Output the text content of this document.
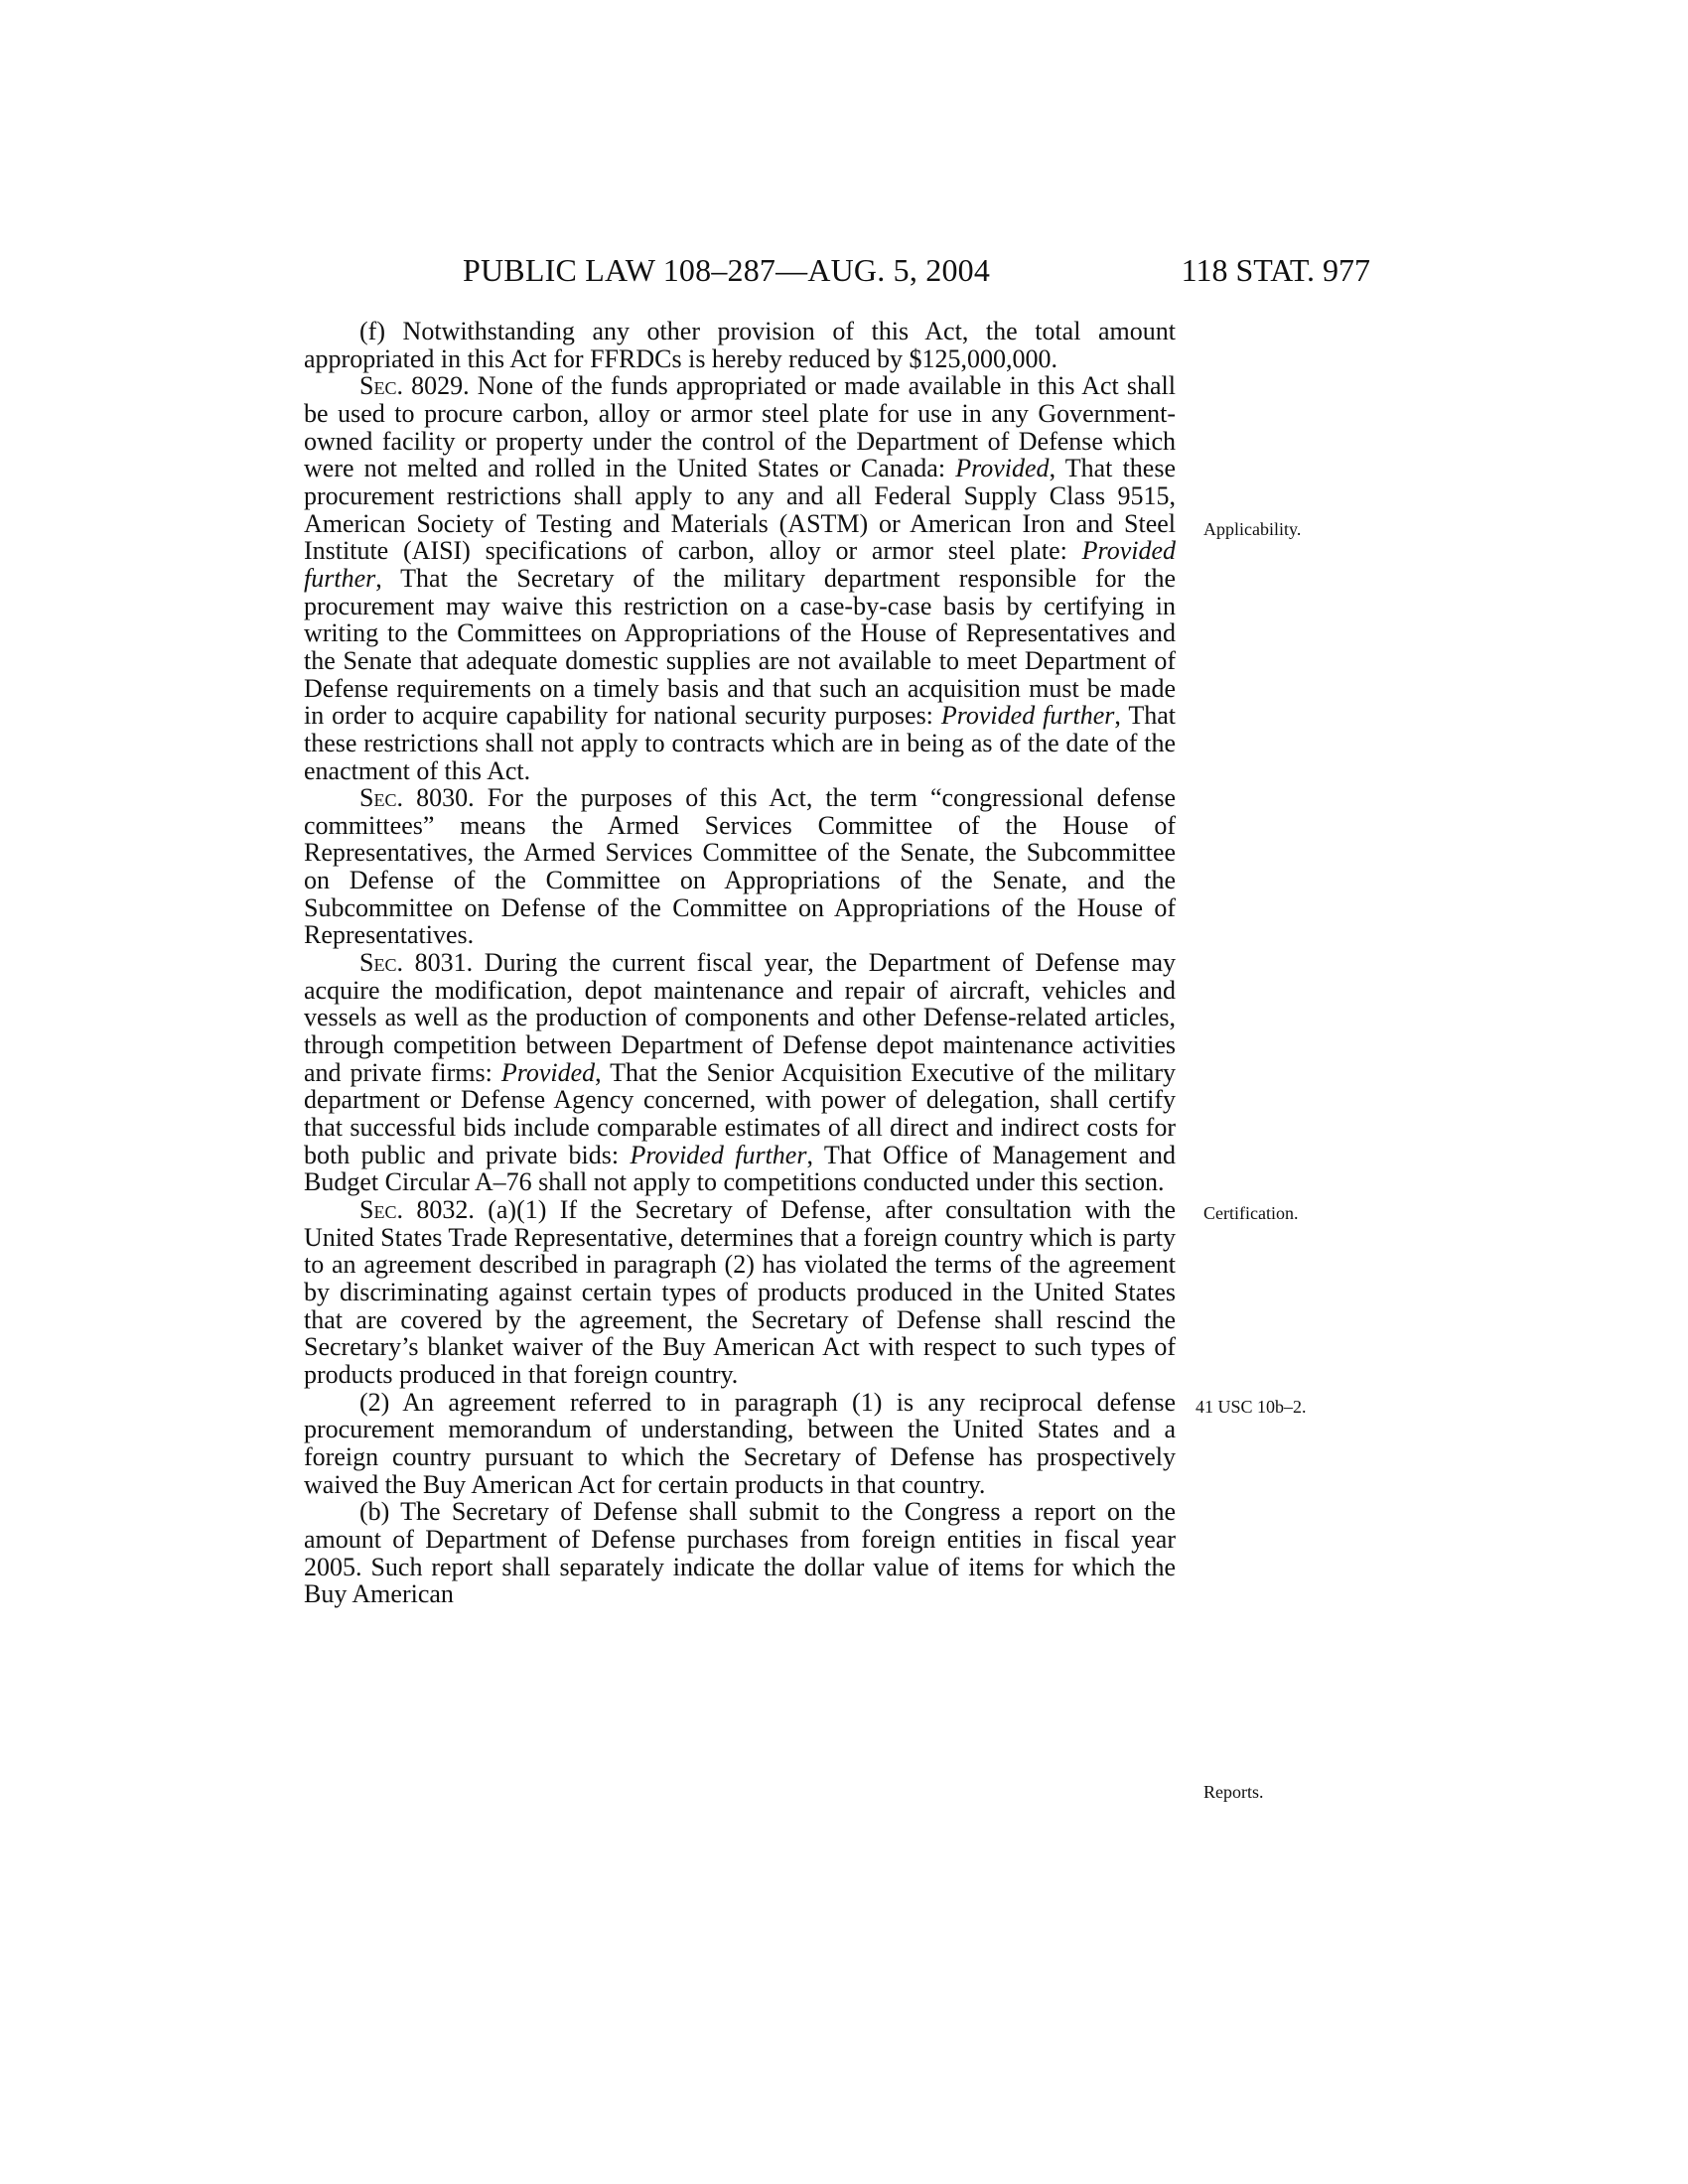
PUBLIC LAW 108–287—AUG. 5, 2004	118 STAT. 977

(f) Notwithstanding any other provision of this Act, the total amount appropriated in this Act for FFRDCs is hereby reduced by $125,000,000.

Sec. 8029. None of the funds appropriated or made available in this Act shall be used to procure carbon, alloy or armor steel plate for use in any Government-owned facility or property under the control of the Department of Defense which were not melted and rolled in the United States or Canada: Provided, That these procurement restrictions shall apply to any and all Federal Supply Class 9515, American Society of Testing and Materials (ASTM) or American Iron and Steel Institute (AISI) specifications of carbon, alloy or armor steel plate: Provided further, That the Secretary of the military department responsible for the procurement may waive this restriction on a case-by-case basis by certifying in writing to the Committees on Appropriations of the House of Representatives and the Senate that adequate domestic supplies are not available to meet Department of Defense requirements on a timely basis and that such an acquisition must be made in order to acquire capability for national security purposes: Provided further, That these restrictions shall not apply to contracts which are in being as of the date of the enactment of this Act.

Sec. 8030. For the purposes of this Act, the term “congressional defense committees” means the Armed Services Committee of the House of Representatives, the Armed Services Committee of the Senate, the Subcommittee on Defense of the Committee on Appropriations of the Senate, and the Subcommittee on Defense of the Committee on Appropriations of the House of Representatives.

Sec. 8031. During the current fiscal year, the Department of Defense may acquire the modification, depot maintenance and repair of aircraft, vehicles and vessels as well as the production of components and other Defense-related articles, through competition between Department of Defense depot maintenance activities and private firms: Provided, That the Senior Acquisition Executive of the military department or Defense Agency concerned, with power of delegation, shall certify that successful bids include comparable estimates of all direct and indirect costs for both public and private bids: Provided further, That Office of Management and Budget Circular A–76 shall not apply to competitions conducted under this section.

Sec. 8032. (a)(1) If the Secretary of Defense, after consultation with the United States Trade Representative, determines that a foreign country which is party to an agreement described in paragraph (2) has violated the terms of the agreement by discriminating against certain types of products produced in the United States that are covered by the agreement, the Secretary of Defense shall rescind the Secretary’s blanket waiver of the Buy American Act with respect to such types of products produced in that foreign country.

(2) An agreement referred to in paragraph (1) is any reciprocal defense procurement memorandum of understanding, between the United States and a foreign country pursuant to which the Secretary of Defense has prospectively waived the Buy American Act for certain products in that country.

(b) The Secretary of Defense shall submit to the Congress a report on the amount of Department of Defense purchases from foreign entities in fiscal year 2005. Such report shall separately indicate the dollar value of items for which the Buy American

Applicability.
Certification.
41 USC 10b–2.
Reports.
